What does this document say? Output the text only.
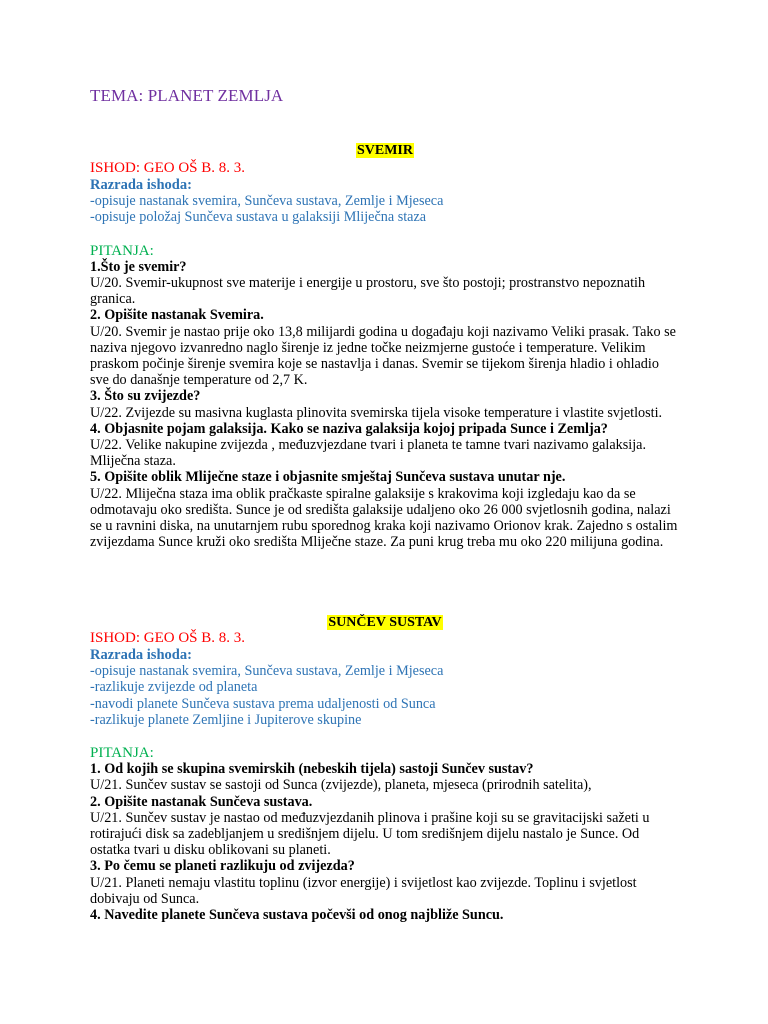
TEMA: PLANET ZEMLJA
SVEMIR

ISHOD: GEO OŠ B. 8. 3.

Razrada ishoda:

-opisuje nastanak svemira, Sunčeva sustava, Zemlje i Mjeseca

-opisuje položaj Sunčeva sustava u galaksiji Mliječna staza

PITANJA:

1.Što je svemir?

U/20. Svemir-ukupnost sve materije i energije u prostoru, sve što postoji; prostranstvo nepoznatih granica.

2. Opišite nastanak Svemira.

U/20. Svemir je nastao prije oko 13,8 milijardi godina u događaju koji nazivamo Veliki prasak. Tako se naziva njegovo izvanredno naglo širenje iz jedne točke neizmjerne gustoće i temperature. Velikim praskom počinje širenje svemira koje se nastavlja i danas. Svemir se tijekom širenja hladio i ohladio sve do današnje temperature od 2,7 K.

3. Što su zvijezde?

U/22. Zvijezde su masivna kuglasta plinovita svemirska tijela visoke temperature i vlastite svjetlosti.

4. Objasnite pojam galaksija. Kako se naziva galaksija kojoj pripada Sunce i Zemlja?

U/22. Velike nakupine zvijezda , međuzvjezdane tvari i planeta te tamne tvari nazivamo galaksija. Mliječna staza.

5. Opišite oblik Mliječne staze i objasnite smještaj Sunčeva sustava unutar nje.

U/22. Mliječna staza ima oblik pračkaste spiralne galaksije s krakovima koji izgledaju kao da se odmotavaju oko središta. Sunce je od središta galaksije udaljeno oko 26 000 svjetlosnih godina, nalazi se u ravnini diska, na unutarnjem rubu sporednog kraka koji nazivamo Orionov krak. Zajedno s ostalim zvijezdama Sunce kruži oko središta Mliječne staze. Za puni krug treba mu oko 220 milijuna godina.

SUNČEV SUSTAV

ISHOD: GEO OŠ B. 8. 3.

Razrada ishoda:

-opisuje nastanak svemira, Sunčeva sustava, Zemlje i Mjeseca

-razlikuje zvijezde od planeta

-navodi planete Sunčeva sustava prema udaljenosti od Sunca

-razlikuje planete Zemljine i Jupiterove skupine

PITANJA:

1. Od kojih se skupina svemirskih (nebeskih tijela) sastoji Sunčev sustav?

U/21. Sunčev sustav se sastoji od Sunca (zvijezde), planeta, mjeseca (prirodnih satelita),

2. Opišite nastanak Sunčeva sustava.

U/21. Sunčev sustav je nastao od međuzvjezdanih plinova i prašine koji su se gravitacijski sažeti u rotirajući disk sa zadebljanjem u središnjem dijelu. U tom središnjem dijelu nastalo je Sunce. Od ostatka tvari u disku oblikovani su planeti.

3. Po čemu se planeti razlikuju od zvijezda?

U/21. Planeti nemaju vlastitu toplinu (izvor energije) i svijetlost kao zvijezde. Toplinu i svjetlost dobivaju od Sunca.

4. Navedite planete Sunčeva sustava počevši od onog najbliže Suncu.
